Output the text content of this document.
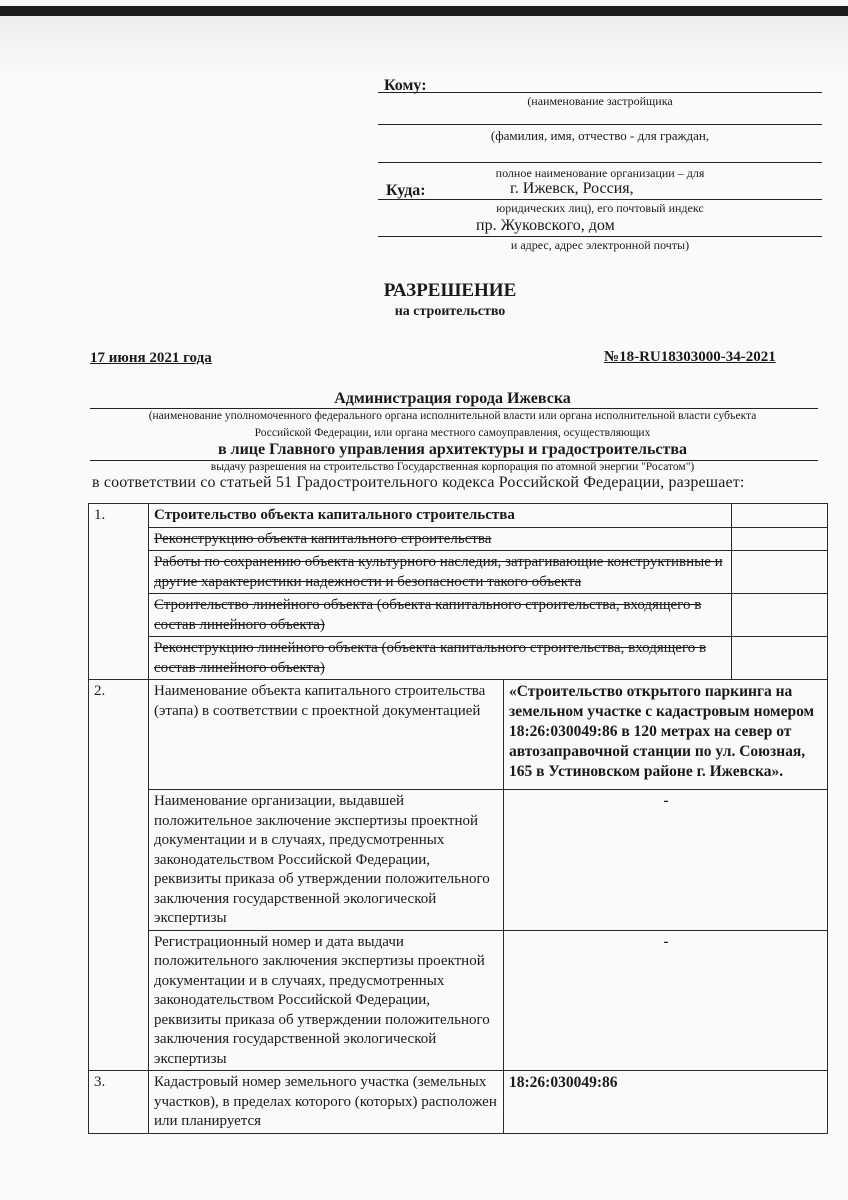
Кому:
(наименование застройщика
(фамилия, имя, отчество - для граждан,
полное наименование организации – для
Куда:	г. Ижевск, Россия,
юридических лиц), его почтовый индекс
пр. Жуковского, дом
и адрес, адрес электронной почты)
РАЗРЕШЕНИЕ
на строительство
17 июня 2021 года	№18-RU18303000-34-2021
Администрация города Ижевска
(наименование уполномоченного федерального органа исполнительной власти или органа исполнительной власти субъекта
Российской Федерации, или органа местного самоуправления, осуществляющих
в лице Главного управления архитектуры и градостроительства
выдачу разрешения на строительство Государственная корпорация по атомной энергии "Росатом")
в соответствии со статьей 51 Градостроительного кодекса Российской Федерации, разрешает:
1.	Строительство объекта капитального строительства		
	Реконструкцию объекта капитального строительства		
	Работы по сохранению объекта культурного наследия, затрагивающие конструктивные и другие характеристики надежности и безопасности такого объекта		
	Строительство линейного объекта (объекта капитального строительства, входящего в состав линейного объекта)		
	Реконструкцию линейного объекта (объекта капитального строительства, входящего в состав линейного объекта)		
2.	Наименование объекта капитального строительства (этапа) в соответствии с проектной документацией	«Строительство открытого паркинга на земельном участке с кадастровым номером 18:26:030049:86 в 120 метрах на север от автозаправочной станции по ул. Союзная, 165 в Устиновском районе г. Ижевска».	
	Наименование организации, выдавшей положительное заключение экспертизы проектной документации и в случаях, предусмотренных законодательством Российской Федерации, реквизиты приказа об утверждении положительного заключения государственной экологической экспертизы	-	
	Регистрационный номер и дата выдачи положительного заключения экспертизы проектной документации и в случаях, предусмотренных законодательством Российской Федерации, реквизиты приказа об утверждении положительного заключения государственной экологической экспертизы	-	
3.	Кадастровый номер земельного участка (земельных участков), в пределах которого (которых) расположен или планируется	18:26:030049:86	
